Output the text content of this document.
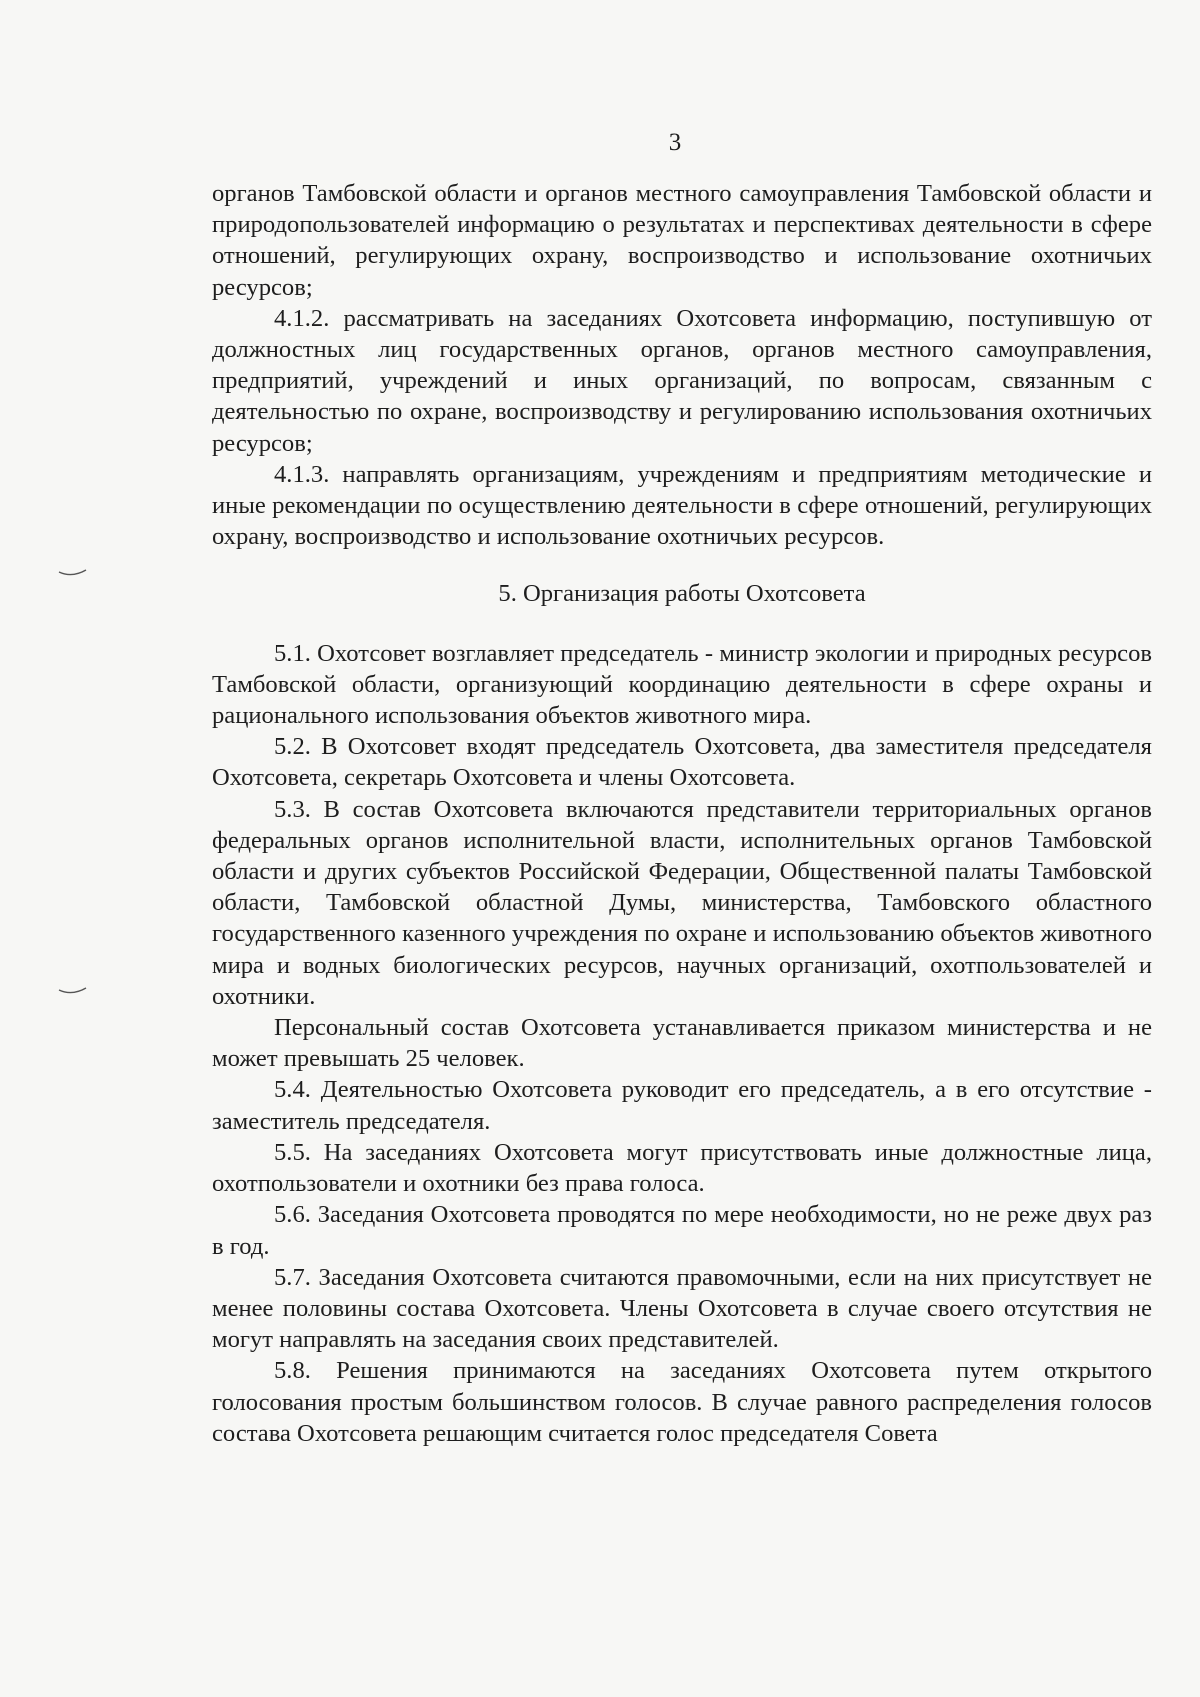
3

органов Тамбовской области и органов местного самоуправления Тамбовской области и природопользователей информацию о результатах и перспективах деятельности в сфере отношений, регулирующих охрану, воспроизводство и использование охотничьих ресурсов;

4.1.2. рассматривать на заседаниях Охотсовета информацию, поступившую от должностных лиц государственных органов, органов местного самоуправления, предприятий, учреждений и иных организаций, по вопросам, связанным с деятельностью по охране, воспроизводству и регулированию использования охотничьих ресурсов;

4.1.3. направлять организациям, учреждениям и предприятиям методические и иные рекомендации по осуществлению деятельности в сфере отношений, регулирующих охрану, воспроизводство и использование охотничьих ресурсов.

5. Организация работы Охотсовета

5.1. Охотсовет возглавляет председатель - министр экологии и природных ресурсов Тамбовской области, организующий координацию деятельности в сфере охраны и рационального использования объектов животного мира.

5.2. В Охотсовет входят председатель Охотсовета, два заместителя председателя Охотсовета, секретарь Охотсовета и члены Охотсовета.

5.3. В состав Охотсовета включаются представители территориальных органов федеральных органов исполнительной власти, исполнительных органов Тамбовской области и других субъектов Российской Федерации, Общественной палаты Тамбовской области, Тамбовской областной Думы, министерства, Тамбовского областного государственного казенного учреждения по охране и использованию объектов животного мира и водных биологических ресурсов, научных организаций, охотпользователей и охотники.

Персональный состав Охотсовета устанавливается приказом министерства и не может превышать 25 человек.

5.4. Деятельностью Охотсовета руководит его председатель, а в его отсутствие - заместитель председателя.

5.5. На заседаниях Охотсовета могут присутствовать иные должностные лица, охотпользователи и охотники без права голоса.

5.6. Заседания Охотсовета проводятся по мере необходимости, но не реже двух раз в год.

5.7. Заседания Охотсовета считаются правомочными, если на них присутствует не менее половины состава Охотсовета. Члены Охотсовета в случае своего отсутствия не могут направлять на заседания своих представителей.

5.8. Решения принимаются на заседаниях Охотсовета путем открытого голосования простым большинством голосов. В случае равного распределения голосов состава Охотсовета решающим считается голос председателя Совета
